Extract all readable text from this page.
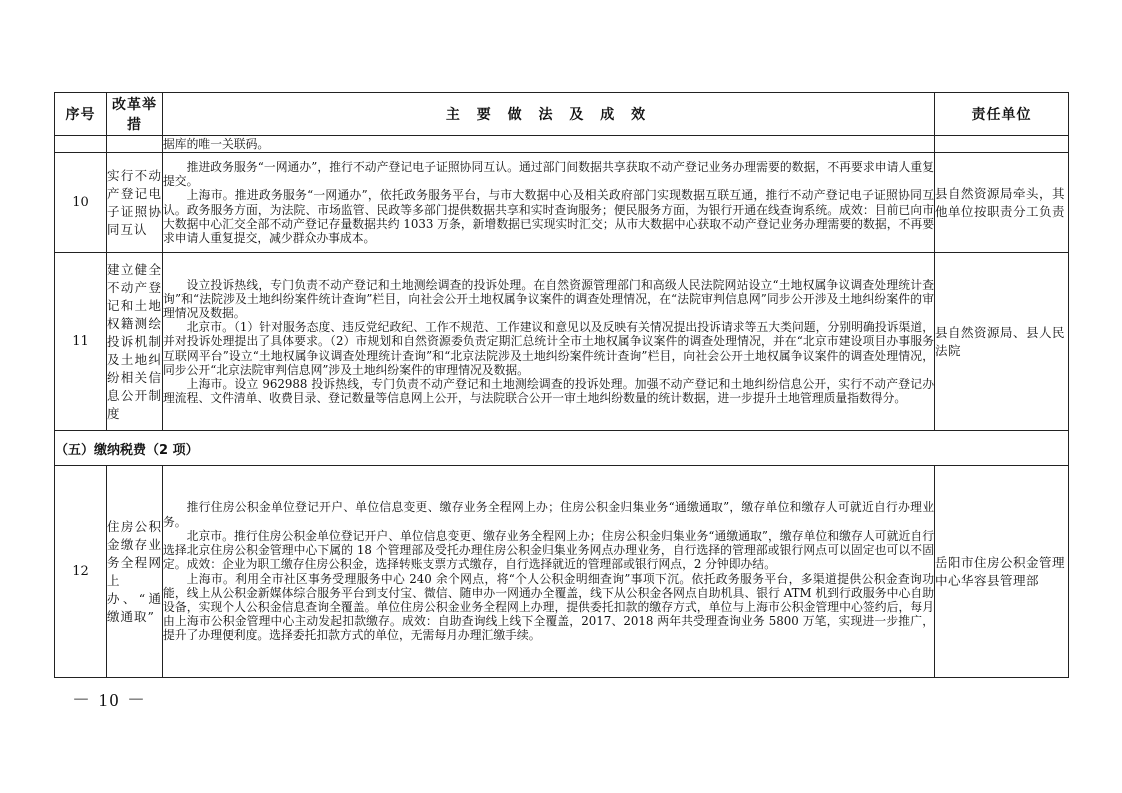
序号	改革举措	主 要 做 法 及 成 效	责任单位

		据库的唯一关联码。	

10	实行不动产登记电子证照协同互认	推进政务服务“一网通办”，推行不动产登记电子证照协同互认。通过部门间数据共享获取不动产登记业务办理需要的数据，不再要求申请人重复提交。

上海市。推进政务服务“一网通办”，依托政务服务平台，与市大数据中心及相关政府部门实现数据互联互通，推行不动产登记电子证照协同互认。政务服务方面，为法院、市场监管、民政等多部门提供数据共享和实时查询服务；便民服务方面，为银行开通在线查询系统。成效：目前已向市大数据中心汇交全部不动产登记存量数据共约 1033 万条，新增数据已实现实时汇交；从市大数据中心获取不动产登记业务办理需要的数据，不再要求申请人重复提交，减少群众办事成本。	县自然资源局牵头，其他单位按职责分工负责
11	建立健全不动产登记和土地权籍测绘投诉机制及土地纠纷相关信息公开制度	设立投诉热线，专门负责不动产登记和土地测绘调查的投诉处理。在自然资源管理部门和高级人民法院网站设立“土地权属争议调查处理统计查询”和“法院涉及土地纠纷案件统计查询”栏目，向社会公开土地权属争议案件的调查处理情况，在“法院审判信息网”同步公开涉及土地纠纷案件的审理情况及数据。

北京市。（1）针对服务态度、违反党纪政纪、工作不规范、工作建议和意见以及反映有关情况提出投诉请求等五大类问题，分别明确投诉渠道，并对投诉处理提出了具体要求。（2）市规划和自然资源委负责定期汇总统计全市土地权属争议案件的调查处理情况，并在“北京市建设项目办事服务互联网平台”设立“土地权属争议调查处理统计查询”和“北京法院涉及土地纠纷案件统计查询”栏目，向社会公开土地权属争议案件的调查处理情况，同步公开“北京法院审判信息网”涉及土地纠纷案件的审理情况及数据。

上海市。设立 962988 投诉热线，专门负责不动产登记和土地测绘调查的投诉处理。加强不动产登记和土地纠纷信息公开，实行不动产登记办理流程、文件清单、收费目录、登记数量等信息网上公开，与法院联合公开一审土地纠纷数量的统计数据，进一步提升土地管理质量指数得分。	县自然资源局、县人民法院
（五）缴纳税费（2 项）			
12	住房公积金缴存业务全程网上办、“通缴通取”	推行住房公积金单位登记开户、单位信息变更、缴存业务全程网上办；住房公积金归集业务“通缴通取”，缴存单位和缴存人可就近自行办理业务。

北京市。推行住房公积金单位登记开户、单位信息变更、缴存业务全程网上办；住房公积金归集业务“通缴通取”，缴存单位和缴存人可就近自行选择北京住房公积金管理中心下属的 18 个管理部及受托办理住房公积金归集业务网点办理业务，自行选择的管理部或银行网点可以固定也可以不固定。成效：企业为职工缴存住房公积金，选择转账支票方式缴存，自行选择就近的管理部或银行网点，2 分钟即办结。

上海市。利用全市社区事务受理服务中心 240 余个网点，将“个人公积金明细查询”事项下沉。依托政务服务平台，多渠道提供公积金查询功能，线上从公积金新媒体综合服务平台到支付宝、微信、随申办一网通办全覆盖，线下从公积金各网点自助机具、银行 ATM 机到行政服务中心自助设备，实现个人公积金信息查询全覆盖。单位住房公积金业务全程网上办理，提供委托扣款的缴存方式，单位与上海市公积金管理中心签约后，每月由上海市公积金管理中心主动发起扣款缴存。成效：自助查询线上线下全覆盖，2017、2018 两年共受理查询业务 5800 万笔，实现进一步推广，提升了办理便利度。选择委托扣款方式的单位，无需每月办理汇缴手续。	岳阳市住房公积金管理中心华容县管理部
－ 10 －
